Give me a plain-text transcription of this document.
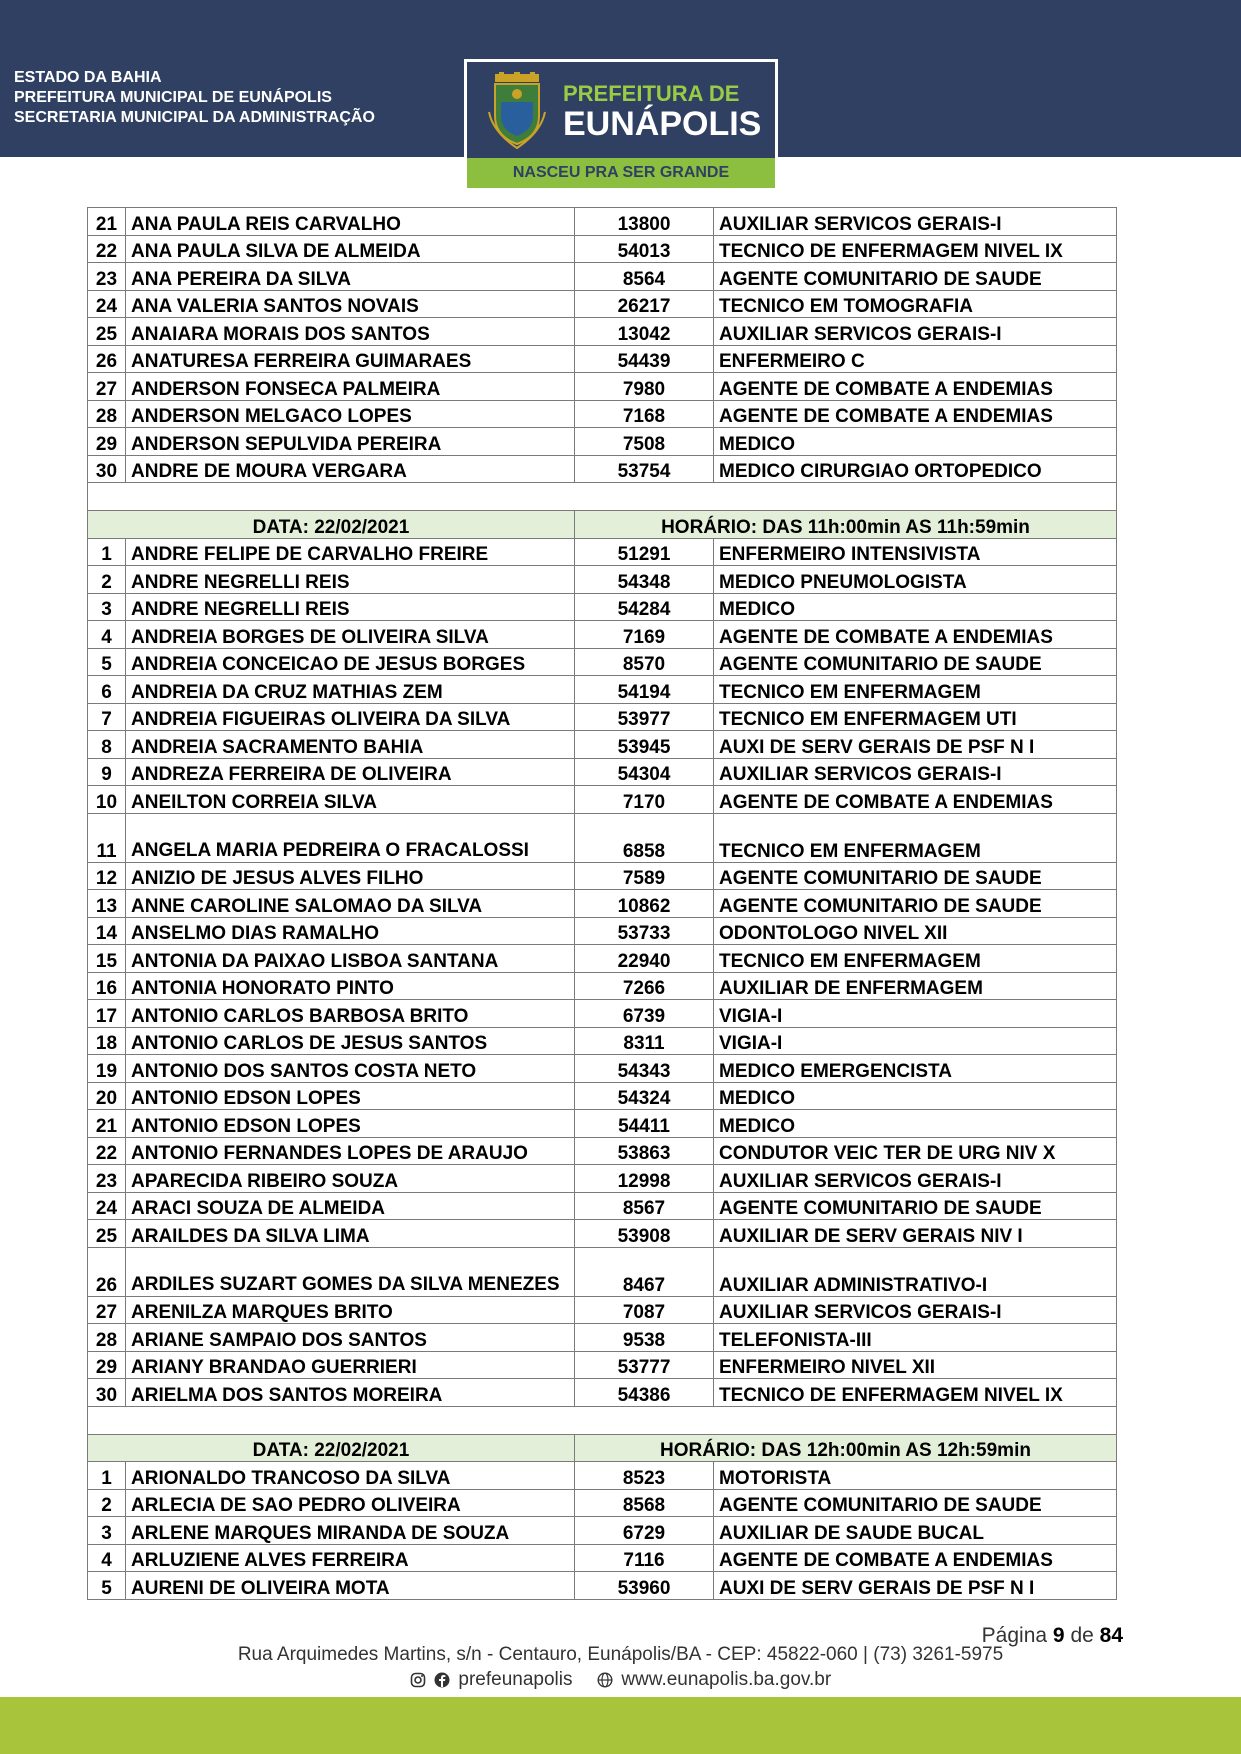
ESTADO DA BAHIA
PREFEITURA MUNICIPAL DE EUNÁPOLIS
SECRETARIA MUNICIPAL DA ADMINISTRAÇÃO
PREFEITURA DE
EUNÁPOLIS
NASCEU PRA SER GRANDE
21	ANA PAULA REIS CARVALHO	13800	AUXILIAR SERVICOS GERAIS-I
22	ANA PAULA SILVA DE ALMEIDA	54013	TECNICO DE ENFERMAGEM NIVEL IX
23	ANA PEREIRA DA SILVA	8564	AGENTE COMUNITARIO DE SAUDE
24	ANA VALERIA SANTOS NOVAIS	26217	TECNICO EM TOMOGRAFIA
25	ANAIARA MORAIS DOS SANTOS	13042	AUXILIAR SERVICOS GERAIS-I
26	ANATURESA FERREIRA GUIMARAES	54439	ENFERMEIRO C
27	ANDERSON FONSECA PALMEIRA	7980	AGENTE DE COMBATE A ENDEMIAS
28	ANDERSON MELGACO LOPES	7168	AGENTE DE COMBATE A ENDEMIAS
29	ANDERSON SEPULVIDA PEREIRA	7508	MEDICO
30	ANDRE DE MOURA VERGARA	53754	MEDICO CIRURGIAO ORTOPEDICO

DATA: 22/02/2021		HORÁRIO: DAS 11h:00min AS 11h:59min	
1	ANDRE FELIPE DE CARVALHO FREIRE	51291	ENFERMEIRO INTENSIVISTA
2	ANDRE NEGRELLI REIS	54348	MEDICO PNEUMOLOGISTA
3	ANDRE NEGRELLI REIS	54284	MEDICO
4	ANDREIA BORGES DE OLIVEIRA SILVA	7169	AGENTE DE COMBATE A ENDEMIAS
5	ANDREIA CONCEICAO DE JESUS BORGES	8570	AGENTE COMUNITARIO DE SAUDE
6	ANDREIA DA CRUZ MATHIAS ZEM	54194	TECNICO EM ENFERMAGEM
7	ANDREIA FIGUEIRAS OLIVEIRA DA SILVA	53977	TECNICO EM ENFERMAGEM UTI
8	ANDREIA SACRAMENTO BAHIA	53945	AUXI DE SERV GERAIS DE PSF N I
9	ANDREZA FERREIRA DE OLIVEIRA	54304	AUXILIAR SERVICOS GERAIS-I
10	ANEILTON CORREIA SILVA	7170	AGENTE DE COMBATE A ENDEMIAS
11	ANGELA MARIA PEDREIRA O FRACALOSSI	6858	TECNICO EM ENFERMAGEM
12	ANIZIO DE JESUS ALVES FILHO	7589	AGENTE COMUNITARIO DE SAUDE
13	ANNE CAROLINE SALOMAO DA SILVA	10862	AGENTE COMUNITARIO DE SAUDE
14	ANSELMO DIAS RAMALHO	53733	ODONTOLOGO NIVEL XII
15	ANTONIA DA PAIXAO LISBOA SANTANA	22940	TECNICO EM ENFERMAGEM
16	ANTONIA HONORATO PINTO	7266	AUXILIAR DE ENFERMAGEM
17	ANTONIO CARLOS BARBOSA BRITO	6739	VIGIA-I
18	ANTONIO CARLOS DE JESUS SANTOS	8311	VIGIA-I
19	ANTONIO DOS SANTOS COSTA NETO	54343	MEDICO EMERGENCISTA
20	ANTONIO EDSON LOPES	54324	MEDICO
21	ANTONIO EDSON LOPES	54411	MEDICO
22	ANTONIO FERNANDES LOPES DE ARAUJO	53863	CONDUTOR VEIC TER DE URG NIV X
23	APARECIDA RIBEIRO SOUZA	12998	AUXILIAR SERVICOS GERAIS-I
24	ARACI SOUZA DE ALMEIDA	8567	AGENTE COMUNITARIO DE SAUDE
25	ARAILDES DA SILVA LIMA	53908	AUXILIAR DE SERV GERAIS NIV I
26	ARDILES SUZART GOMES DA SILVA MENEZES	8467	AUXILIAR ADMINISTRATIVO-I
27	ARENILZA MARQUES BRITO	7087	AUXILIAR SERVICOS GERAIS-I
28	ARIANE SAMPAIO DOS SANTOS	9538	TELEFONISTA-III
29	ARIANY BRANDAO GUERRIERI	53777	ENFERMEIRO NIVEL XII
30	ARIELMA DOS SANTOS MOREIRA	54386	TECNICO DE ENFERMAGEM NIVEL IX

DATA: 22/02/2021		HORÁRIO: DAS 12h:00min AS 12h:59min	
1	ARIONALDO TRANCOSO DA SILVA	8523	MOTORISTA
2	ARLECIA DE SAO PEDRO OLIVEIRA	8568	AGENTE COMUNITARIO DE SAUDE
3	ARLENE MARQUES MIRANDA DE SOUZA	6729	AUXILIAR DE SAUDE BUCAL
4	ARLUZIENE ALVES FERREIRA	7116	AGENTE DE COMBATE A ENDEMIAS
5	AURENI DE OLIVEIRA MOTA	53960	AUXI DE SERV GERAIS DE PSF N I
Página 9 de 84
Rua Arquimedes Martins, s/n - Centauro, Eunápolis/BA - CEP: 45822-060 | (73) 3261-5975
prefeunapolis	www.eunapolis.ba.gov.br
